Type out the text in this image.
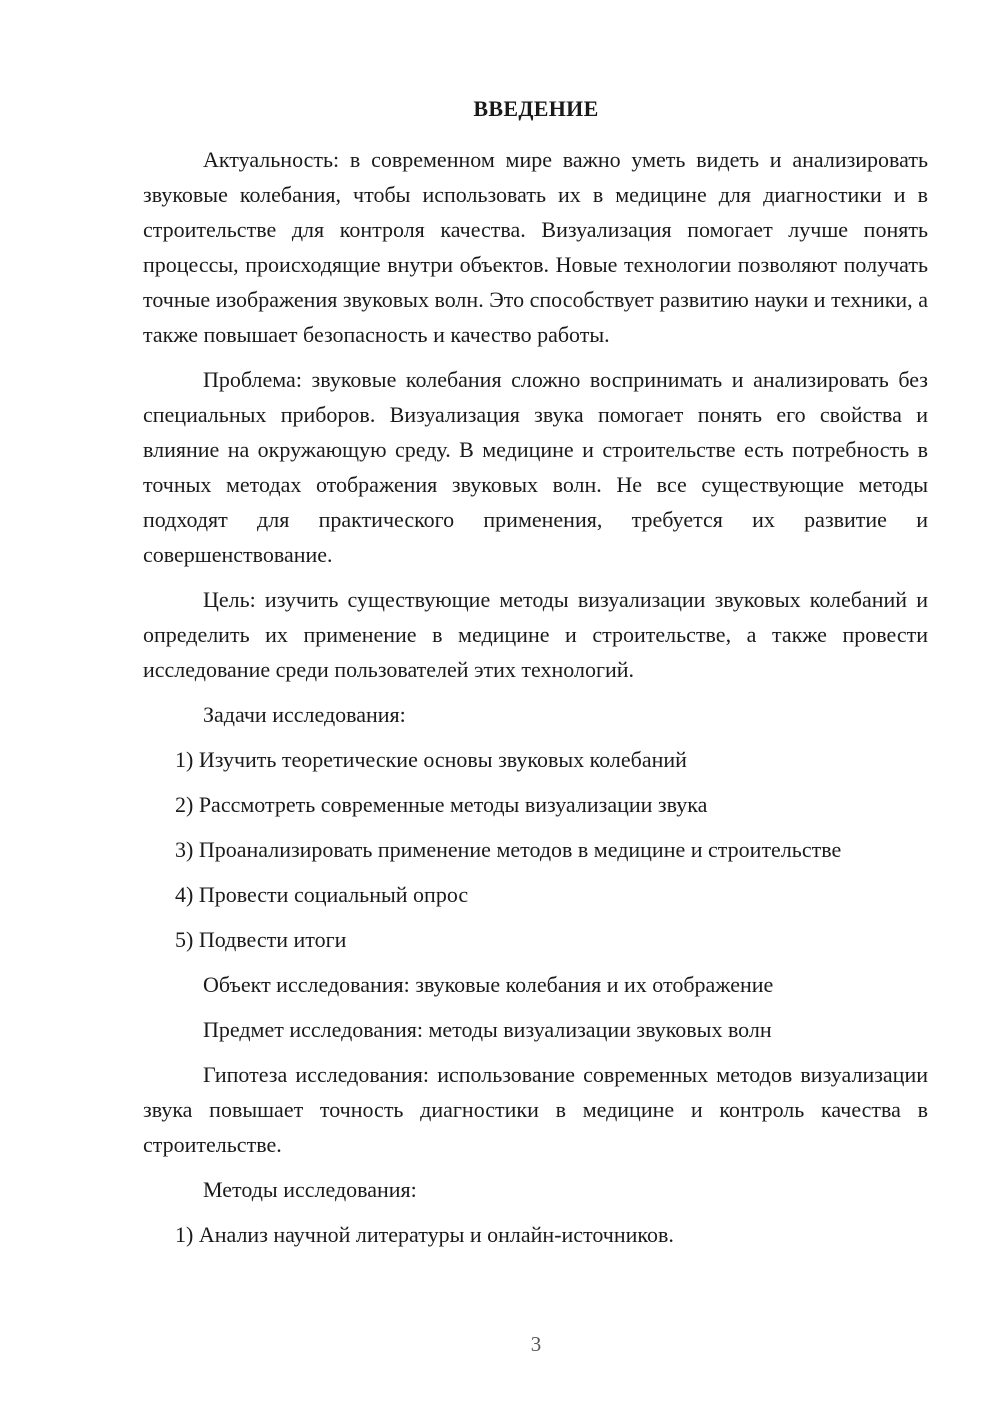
ВВЕДЕНИЕ

Актуальность: в современном мире важно уметь видеть и анализировать звуковые колебания, чтобы использовать их в медицине для диагностики и в строительстве для контроля качества. Визуализация помогает лучше понять процессы, происходящие внутри объектов. Новые технологии позволяют получать точные изображения звуковых волн. Это способствует развитию науки и техники, а также повышает безопасность и качество работы.

Проблема: звуковые колебания сложно воспринимать и анализировать без специальных приборов. Визуализация звука помогает понять его свойства и влияние на окружающую среду. В медицине и строительстве есть потребность в точных методах отображения звуковых волн. Не все существующие методы подходят для практического применения, требуется их развитие и совершенствование.

Цель: изучить существующие методы визуализации звуковых колебаний и определить их применение в медицине и строительстве, а также провести исследование среди пользователей этих технологий.

Задачи исследования:

1) Изучить теоретические основы звуковых колебаний

2) Рассмотреть современные методы визуализации звука

3) Проанализировать применение методов в медицине и строительстве

4) Провести социальный опрос

5) Подвести итоги

Объект исследования: звуковые колебания и их отображение

Предмет исследования: методы визуализации звуковых волн

Гипотеза исследования: использование современных методов визуализации звука повышает точность диагностики в медицине и контроль качества в строительстве.

Методы исследования:

1) Анализ научной литературы и онлайн-источников.

3
